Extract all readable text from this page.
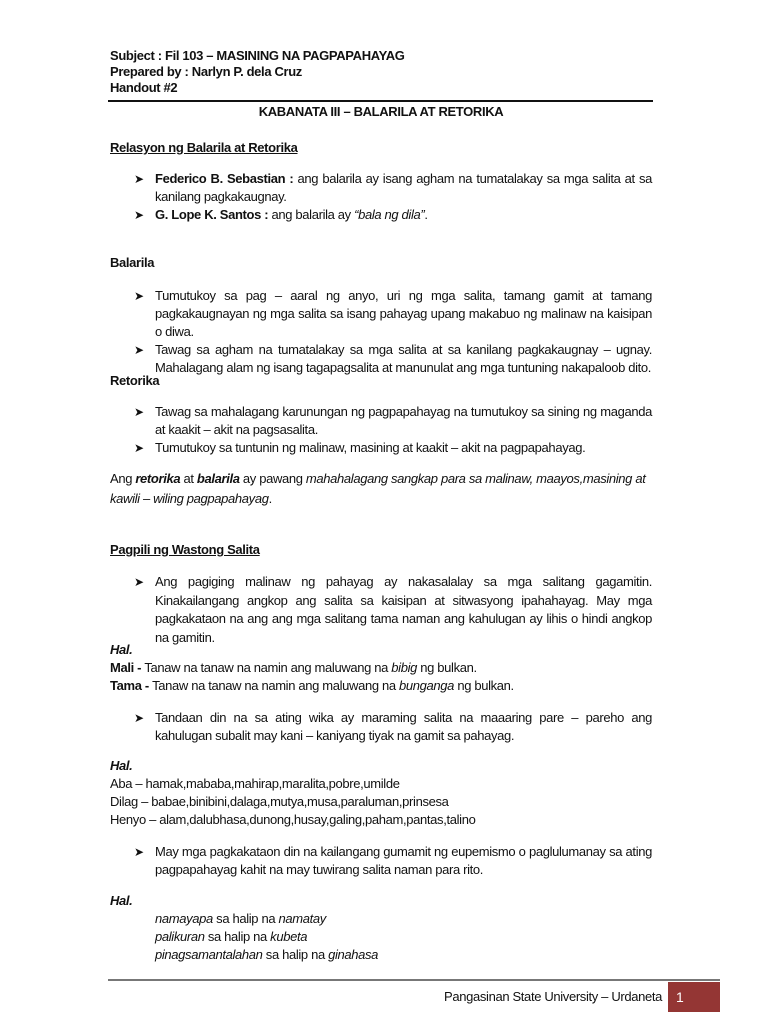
Subject : Fil 103 – MASINING NA PAGPAPAHAYAG
Prepared by : Narlyn P. dela Cruz
Handout #2
KABANATA III – BALARILA AT RETORIKA
Relasyon ng Balarila at Retorika
➤ Federico B. Sebastian : ang balarila ay isang agham na tumatalakay sa mga salita at sa kanilang pagkakaugnay.
➤ G. Lope K. Santos : ang balarila ay “bala ng dila”.
Balarila
➤ Tumutukoy sa pag – aaral ng anyo, uri ng mga salita, tamang gamit at tamang pagkakaugnayan ng mga salita sa isang pahayag upang makabuo ng malinaw na kaisipan o diwa.
➤ Tawag sa agham na tumatalakay sa mga salita at sa kanilang pagkakaugnay – ugnay. Mahalagang alam ng isang tagapagsalita at manunulat ang mga tuntuning nakapaloob dito.
Retorika
➤ Tawag sa mahalagang karunungan ng pagpapahayag na tumutukoy sa sining ng maganda at kaakit – akit na pagsasalita.
➤ Tumutukoy sa tuntunin ng malinaw, masining at kaakit – akit na pagpapahayag.
Ang retorika at balarila ay pawang mahahalagang sangkap para sa malinaw, maayos,masining at kawili – wiling pagpapahayag.
Pagpili ng Wastong Salita
➤ Ang pagiging malinaw ng pahayag ay nakasalalay sa mga salitang gagamitin. Kinakailangang angkop ang salita sa kaisipan at sitwasyong ipahahayag. May mga pagkakataon na ang ang mga salitang tama naman ang kahulugan ay lihis o hindi angkop na gamitin.
Hal.
Mali - Tanaw na tanaw na namin ang maluwang na bibig ng bulkan.
Tama - Tanaw na tanaw na namin ang maluwang na bunganga ng bulkan.
➤ Tandaan din na sa ating wika ay maraming salita na maaaring pare – pareho ang kahulugan subalit may kani – kaniyang tiyak na gamit sa pahayag.
Hal.
Aba – hamak,mababa,mahirap,maralita,pobre,umilde
Dilag – babae,binibini,dalaga,mutya,musa,paraluman,prinsesa
Henyo – alam,dalubhasa,dunong,husay,galing,paham,pantas,talino
➤ May mga pagkakataon din na kailangang gumamit ng eupemismo o paglulumanay sa ating pagpapahayag kahit na may tuwirang salita naman para rito.
Hal.
namayapa sa halip na namatay
palikuran sa halip na kubeta
pinagsamantalahan sa halip na ginahasa
Pangasinan State University – Urdaneta	1
